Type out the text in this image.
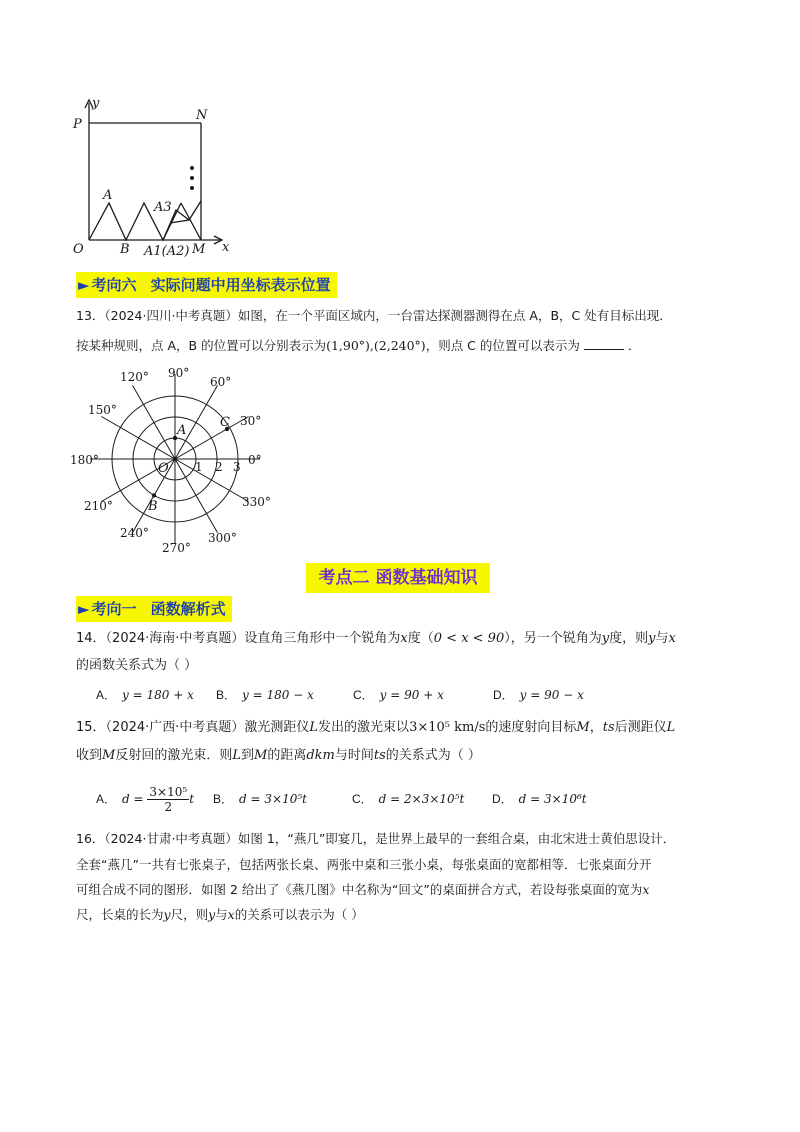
y
P
N
O
A
B
A3
A1(A2) M x
► 考向六 实际问题中用坐标表示位置
13．（2024·四川·中考真题）如图，在一个平面区域内，一台雷达探测器测得在点 A，B，C 处有目标出现．
按某种规则，点 A，B 的位置可以分别表示为(1,90°),(2,240°)，则点 C 的位置可以表示为	．
120° 90°
60°
150°
30°
180°	0°
210°	330°
240°
270°
300°
1 2 3
A
B
C
O
考点二 函数基础知识
► 考向一 函数解析式
14．（2024·海南·中考真题）设直角三角形中一个锐角为x度（0 < x < 90），另一个锐角为y度，则y与x
的函数关系式为（ ）
A． y = 180 + x B． y = 180 − x	C． y = 90 + x	D． y = 90 − x
15．（2024·广西·中考真题）激光测距仪L发出的激光束以3×10⁵ km/s的速度射向目标M，ts后测距仪L
收到M反射回的激光束．则L到M的距离dkm与时间ts的关系式为（ ）
A． $d = \frac{\text{3×10⁵}}{2}$ t B． d = 3×10⁵t	C． d = 2×3×10⁵t D． d = 3×10⁶t
16．（2024·甘肃·中考真题）如图 1，“燕几”即宴几，是世界上最早的一套组合桌，由北宋进士黄伯思设计．
全套“燕几”一共有七张桌子，包括两张长桌、两张中桌和三张小桌，每张桌面的宽都相等．七张桌面分开
可组合成不同的图形．如图 2 给出了《燕几图》中名称为“回文”的桌面拼合方式，若设每张桌面的宽为x
尺，长桌的长为y尺，则y与x的关系可以表示为（ ）
